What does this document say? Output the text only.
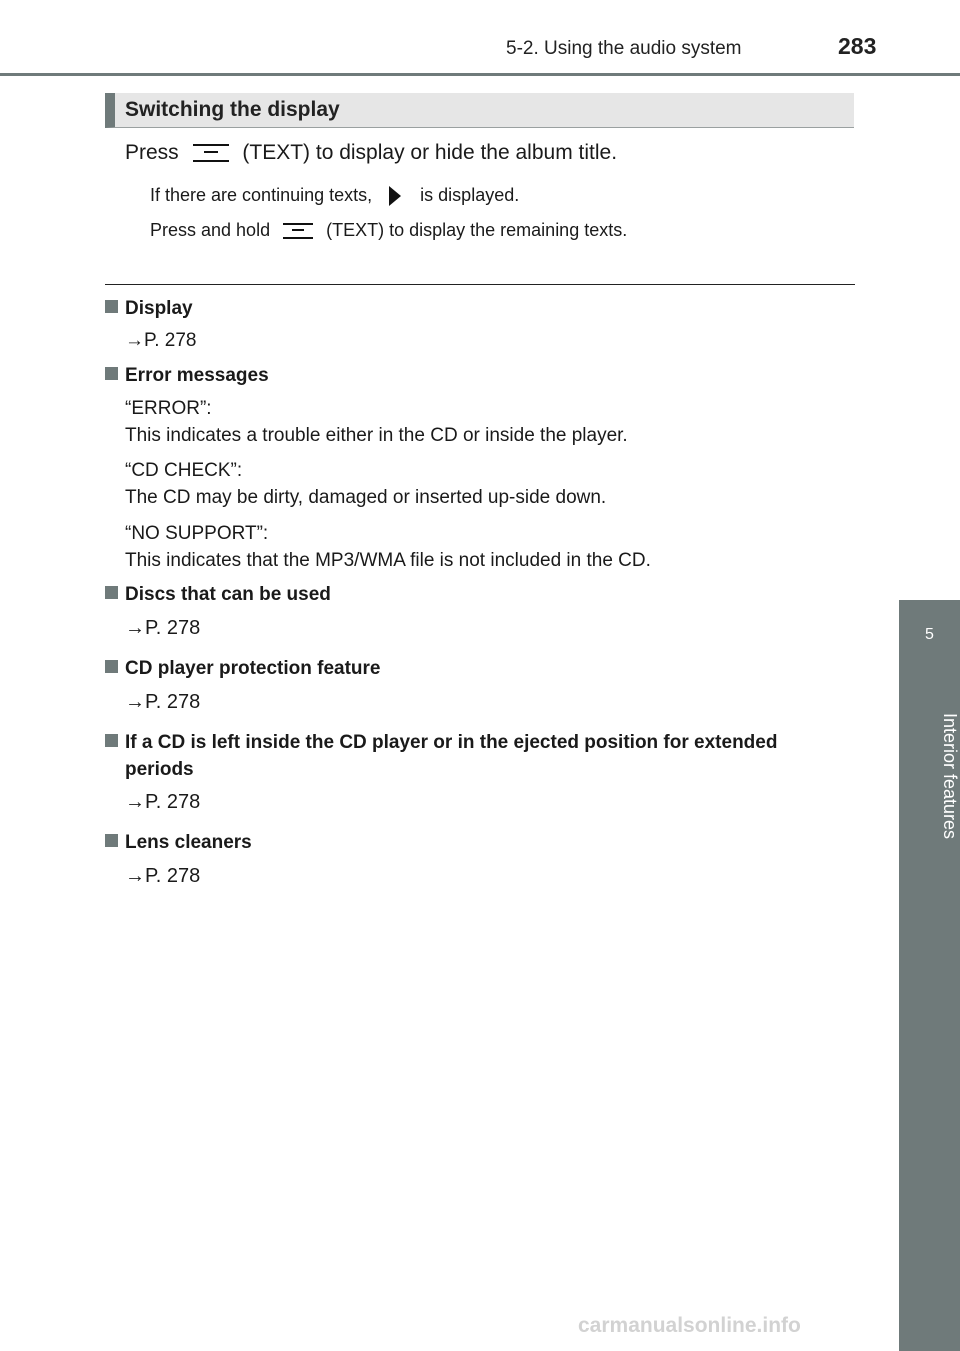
5-2. Using the audio system	283
5
Interior features
Switching the display
Press	(TEXT) to display or hide the album title.
If there are continuing texts,	is displayed.
Press and hold	(TEXT) to display the remaining texts.
Display
→P. 278
Error messages
“ERROR”:
This indicates a trouble either in the CD or inside the player.
“CD CHECK”:
The CD may be dirty, damaged or inserted up-side down.
“NO SUPPORT”:
This indicates that the MP3/WMA file is not included in the CD.
Discs that can be used
→P. 278
CD player protection feature
→P. 278
If a CD is left inside the CD player or in the ejected position for extended
periods
→P. 278
Lens cleaners
→P. 278
carmanualsonline.info
